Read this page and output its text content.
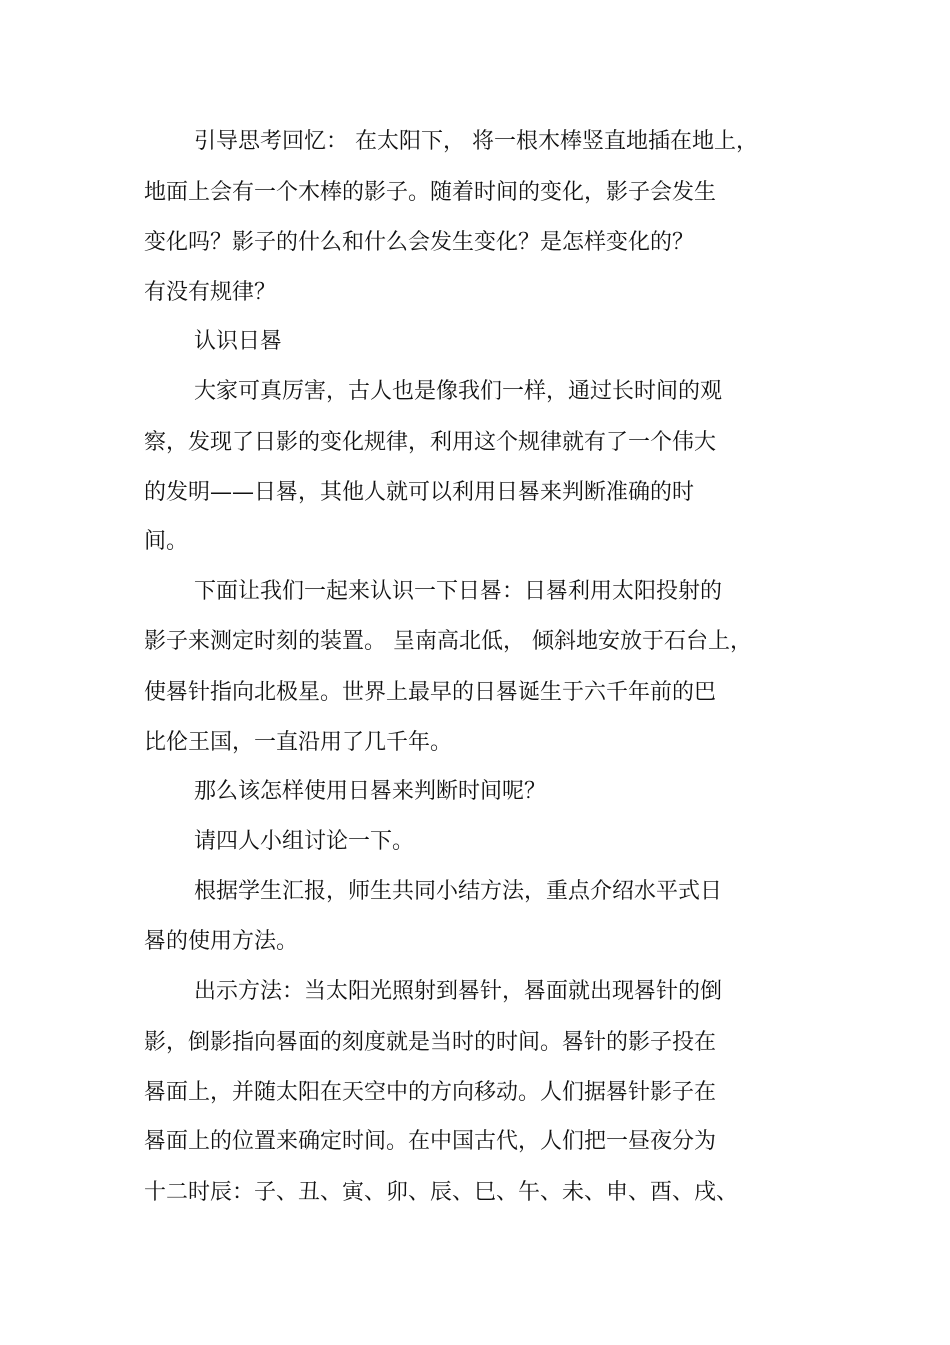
引导思考回忆： 在太阳下， 将一根木棒竖直地插在地上，
地面上会有一个木棒的影子。随着时间的变化，影子会发生
变化吗？影子的什么和什么会发生变化？是怎样变化的？
有没有规律？
认识日晷
大家可真厉害，古人也是像我们一样，通过长时间的观
察，发现了日影的变化规律，利用这个规律就有了一个伟大
的发明——日晷，其他人就可以利用日晷来判断准确的时
间。
下面让我们一起来认识一下日晷：日晷利用太阳投射的
影子来测定时刻的装置。 呈南高北低， 倾斜地安放于石台上，
使晷针指向北极星。世界上最早的日晷诞生于六千年前的巴
比伦王国，一直沿用了几千年。
那么该怎样使用日晷来判断时间呢？
请四人小组讨论一下。
根据学生汇报，师生共同小结方法，重点介绍水平式日
晷的使用方法。
出示方法：当太阳光照射到晷针，晷面就出现晷针的倒
影，倒影指向晷面的刻度就是当时的时间。晷针的影子投在
晷面上，并随太阳在天空中的方向移动。人们据晷针影子在
晷面上的位置来确定时间。在中国古代，人们把一昼夜分为
十二时辰：子、丑、寅、卯、辰、巳、午、未、申、酉、戌、
